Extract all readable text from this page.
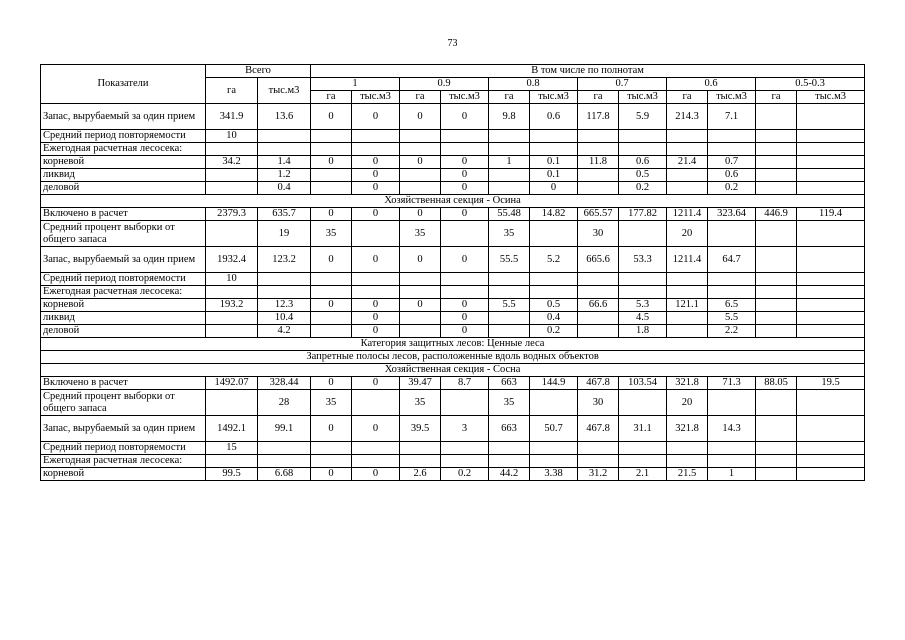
73
Показатели	Всего		В том числе по полнотам											
	га	тыс.м3	1		0.9		0.8		0.7		0.6		0.5-0.3	
			га	тыс.м3	га	тыс.м3	га	тыс.м3	га	тыс.м3	га	тыс.м3	га	тыс.м3
Запас, вырубаемый за один прием	341.9	13.6	0	0	0	0	9.8	0.6	117.8	5.9	214.3	7.1		
Средний период повторяемости	10													
Ежегодная расчетная лесосека:														
корневой	34.2	1.4	0	0	0	0	1	0.1	11.8	0.6	21.4	0.7		
ликвид		1.2		0		0		0.1		0.5		0.6		
деловой		0.4		0		0		0		0.2		0.2		
Хозяйственная секция - Осина														
Включено в расчет	2379.3	635.7	0	0	0	0	55.48	14.82	665.57	177.82	1211.4	323.64	446.9	119.4
Средний процент выборки от общего запаса		19	35		35		35		30		20			
Запас, вырубаемый за один прием	1932.4	123.2	0	0	0	0	55.5	5.2	665.6	53.3	1211.4	64.7		
Средний период повторяемости	10													
Ежегодная расчетная лесосека:														
корневой	193.2	12.3	0	0	0	0	5.5	0.5	66.6	5.3	121.1	6.5		
ликвид		10.4		0		0		0.4		4.5		5.5		
деловой		4.2		0		0		0.2		1.8		2.2		
Категория защитных лесов: Ценные леса														
Запретные полосы лесов, расположенные вдоль водных объектов														
Хозяйственная секция - Сосна														
Включено в расчет	1492.07	328.44	0	0	39.47	8.7	663	144.9	467.8	103.54	321.8	71.3	88.05	19.5
Средний процент выборки от общего запаса		28	35		35		35		30		20			
Запас, вырубаемый за один прием	1492.1	99.1	0	0	39.5	3	663	50.7	467.8	31.1	321.8	14.3		
Средний период повторяемости	15													
Ежегодная расчетная лесосека:														
корневой	99.5	6.68	0	0	2.6	0.2	44.2	3.38	31.2	2.1	21.5	1		
